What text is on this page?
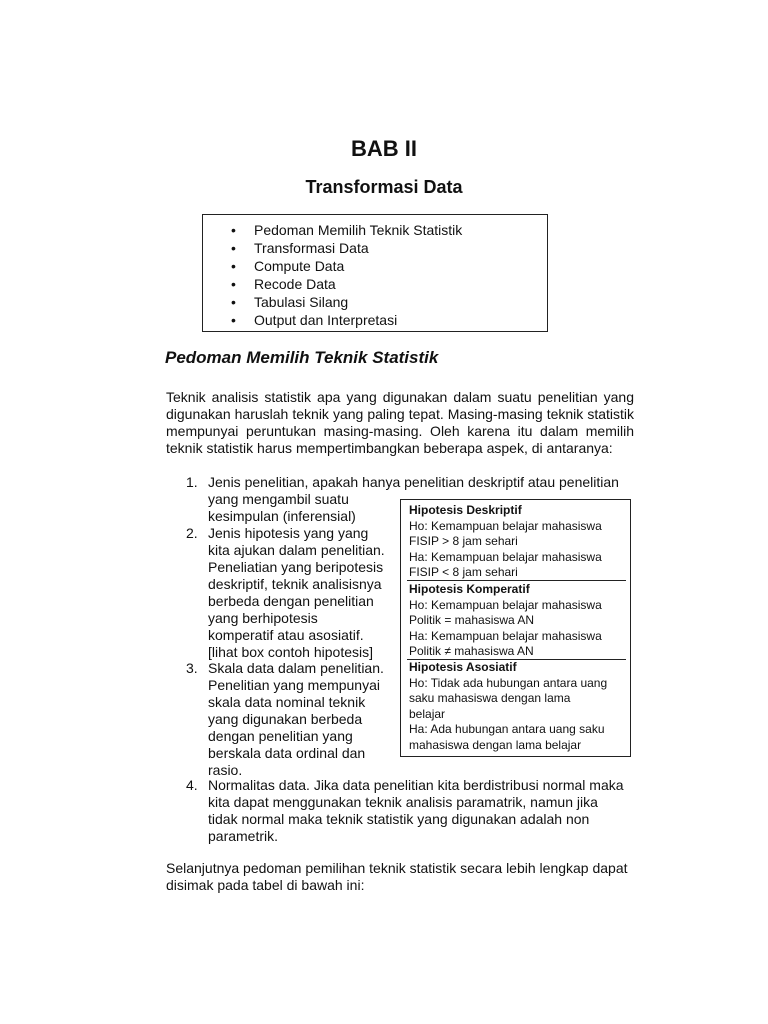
BAB II
Transformasi Data
• Pedoman Memilih Teknik Statistik
• Transformasi Data
• Compute Data
• Recode Data
• Tabulasi Silang
• Output dan Interpretasi
Pedoman Memilih Teknik Statistik

Teknik analisis statistik apa yang digunakan dalam suatu penelitian yang digunakan haruslah teknik yang paling tepat. Masing-masing teknik statistik mempunyai peruntukan masing-masing. Oleh karena itu dalam memilih teknik statistik harus mempertimbangkan beberapa aspek, di antaranya:

1. Jenis penelitian, apakah hanya penelitian deskriptif atau penelitian
yang mengambil suatu
kesimpulan (inferensial)
2. Jenis hipotesis yang yang
kita ajukan dalam penelitian.
Peneliatian yang beripotesis
deskriptif, teknik analisisnya
berbeda dengan penelitian
yang berhipotesis
komperatif atau asosiatif.
[lihat box contoh hipotesis]
3. Skala data dalam penelitian.
Penelitian yang mempunyai
skala data nominal teknik
yang digunakan berbeda
dengan penelitian yang
berskala data ordinal dan
rasio.
4. Normalitas data. Jika data penelitian kita berdistribusi normal maka
kita dapat menggunakan teknik analisis paramatrik, namun jika
tidak normal maka teknik statistik yang digunakan adalah non
parametrik.
Hipotesis Deskriptif
Ho: Kemampuan belajar mahasiswa
FISIP > 8 jam sehari
Ha: Kemampuan belajar mahasiswa
FISIP < 8 jam sehari
Hipotesis Komperatif
Ho: Kemampuan belajar mahasiswa
Politik = mahasiswa AN
Ha: Kemampuan belajar mahasiswa
Politik ≠ mahasiswa AN
Hipotesis Asosiatif
Ho: Tidak ada hubungan antara uang
saku mahasiswa dengan lama
belajar
Ha: Ada hubungan antara uang saku
mahasiswa dengan lama belajar
Selanjutnya pedoman pemilihan teknik statistik secara lebih lengkap dapat
disimak pada tabel di bawah ini:
